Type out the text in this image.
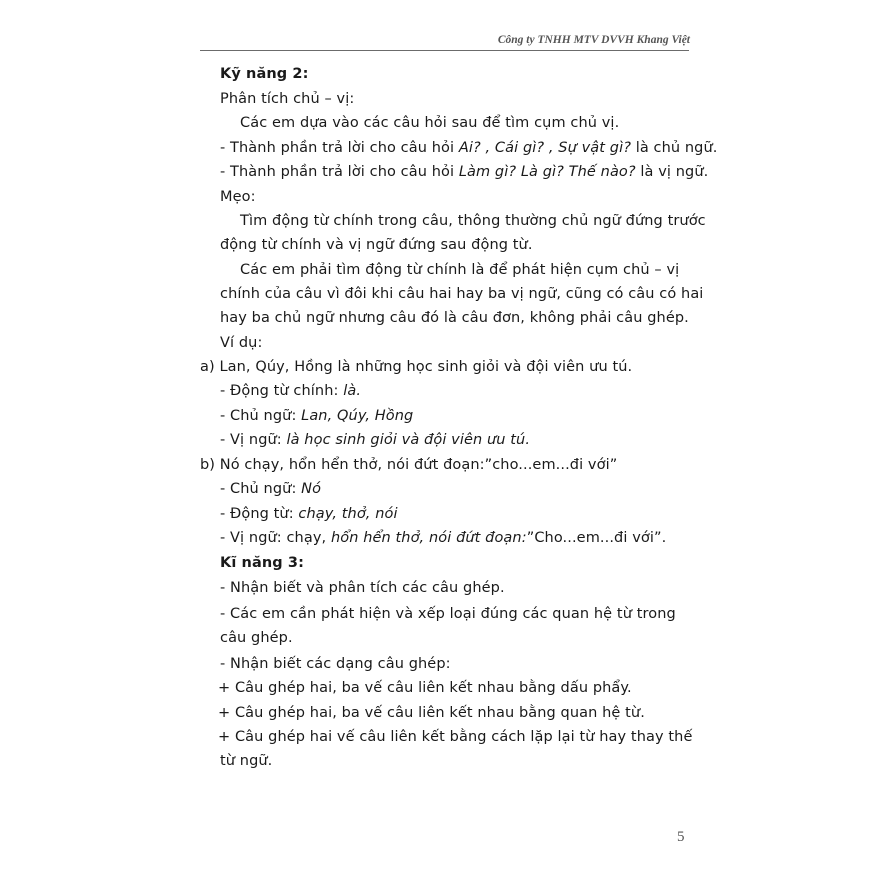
Công ty TNHH MTV DVVH Khang Việt
Kỹ năng 2:
Phân tích chủ – vị:
Các em dựa vào các câu hỏi sau để tìm cụm chủ vị.
- Thành phần trả lời cho câu hỏi Ai? , Cái gì? , Sự vật gì? là chủ ngữ.
- Thành phần trả lời cho câu hỏi Làm gì? Là gì? Thế nào? là vị ngữ.
Mẹo:
Tìm động từ chính trong câu, thông thường chủ ngữ đứng trước
động từ chính và vị ngữ đứng sau động từ.
Các em phải tìm động từ chính là để phát hiện cụm chủ – vị
chính của câu vì đôi khi câu hai hay ba vị ngữ, cũng có câu có hai
hay ba chủ ngữ nhưng câu đó là câu đơn, không phải câu ghép.
Ví dụ:
a) Lan, Qúy, Hồng là những học sinh giỏi và đội viên ưu tú.
- Động từ chính: là.
- Chủ ngữ: Lan, Qúy, Hồng
- Vị ngữ: là học sinh giỏi và đội viên ưu tú.
b) Nó chạy, hổn hển thở, nói đứt đoạn:”cho...em...đi với”
- Chủ ngữ: Nó
- Động từ: chạy, thở, nói
- Vị ngữ: chạy, hổn hển thở, nói đứt đoạn:”Cho...em...đi với”.
Kĩ năng 3:
- Nhận biết và phân tích các câu ghép.
- Các em cần phát hiện và xếp loại đúng các quan hệ từ trong
câu ghép.
- Nhận biết các dạng câu ghép:
+ Câu ghép hai, ba vế câu liên kết nhau bằng dấu phẩy.
+ Câu ghép hai, ba vế câu liên kết nhau bằng quan hệ từ.
+ Câu ghép hai vế câu liên kết bằng cách lặp lại từ hay thay thế
từ ngữ.
5
